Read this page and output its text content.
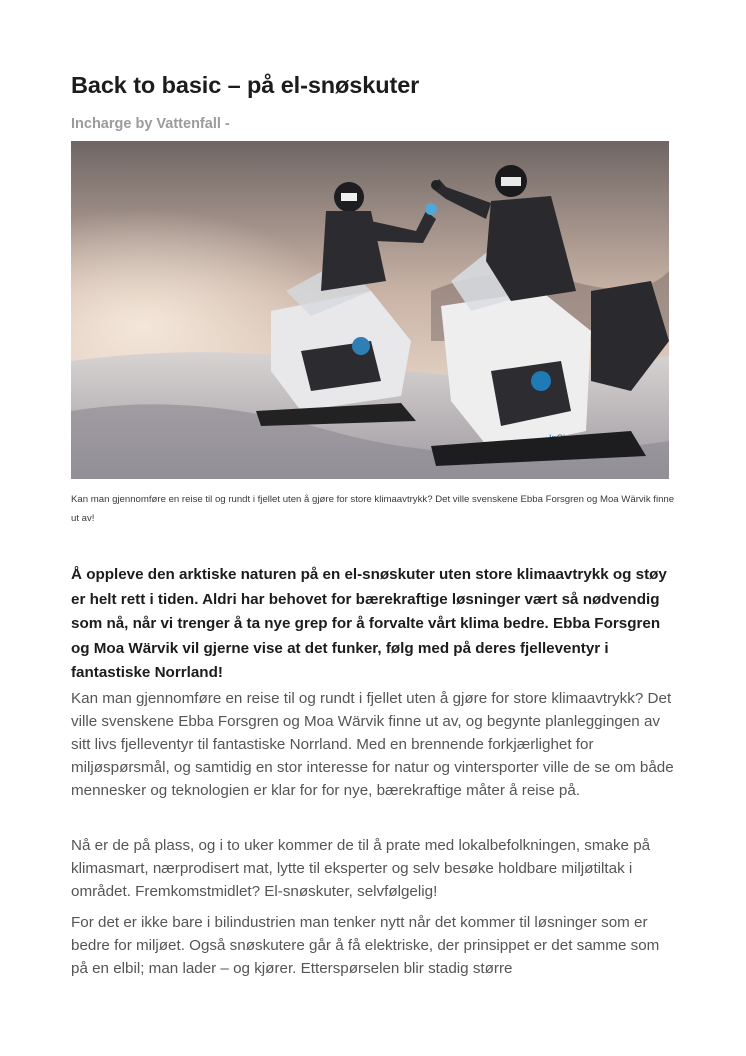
Back to basic – på el-snøskuter

Incharge by Vattenfall -

Kan man gjennomføre en reise til og rundt i fjellet uten å gjøre for store klimaavtrykk? Det ville svenskene Ebba Forsgren og Moa Wärvik finne ut av!

Å oppleve den arktiske naturen på en el-snøskuter uten store klimaavtrykk og støy er helt rett i tiden. Aldri har behovet for bærekraftige løsninger vært så nødvendig som nå, når vi trenger å ta nye grep for å forvalte vårt klima bedre. Ebba Forsgren og Moa Wärvik vil gjerne vise at det funker, følg med på deres fjelleventyr i fantastiske Norrland!

Kan man gjennomføre en reise til og rundt i fjellet uten å gjøre for store klimaavtrykk? Det ville svenskene Ebba Forsgren og Moa Wärvik finne ut av, og begynte planleggingen av sitt livs fjelleventyr til fantastiske Norrland. Med en brennende forkjærlighet for miljøspørsmål, og samtidig en stor interesse for natur og vintersporter ville de se om både mennesker og teknologien er klar for for nye, bærekraftige måter å reise på.

Nå er de på plass, og i to uker kommer de til å prate med lokalbefolkningen, smake på klimasmart, nærprodisert mat, lytte til eksperter og selv besøke holdbare miljøtiltak i området. Fremkomstmidlet? El-snøskuter, selvfølgelig!

For det er ikke bare i bilindustrien man tenker nytt når det kommer til løsninger som er bedre for miljøet. Også snøskutere går å få elektriske, der prinsippet er det samme som på en elbil; man lader – og kjører. Etterspørselen blir stadig større
